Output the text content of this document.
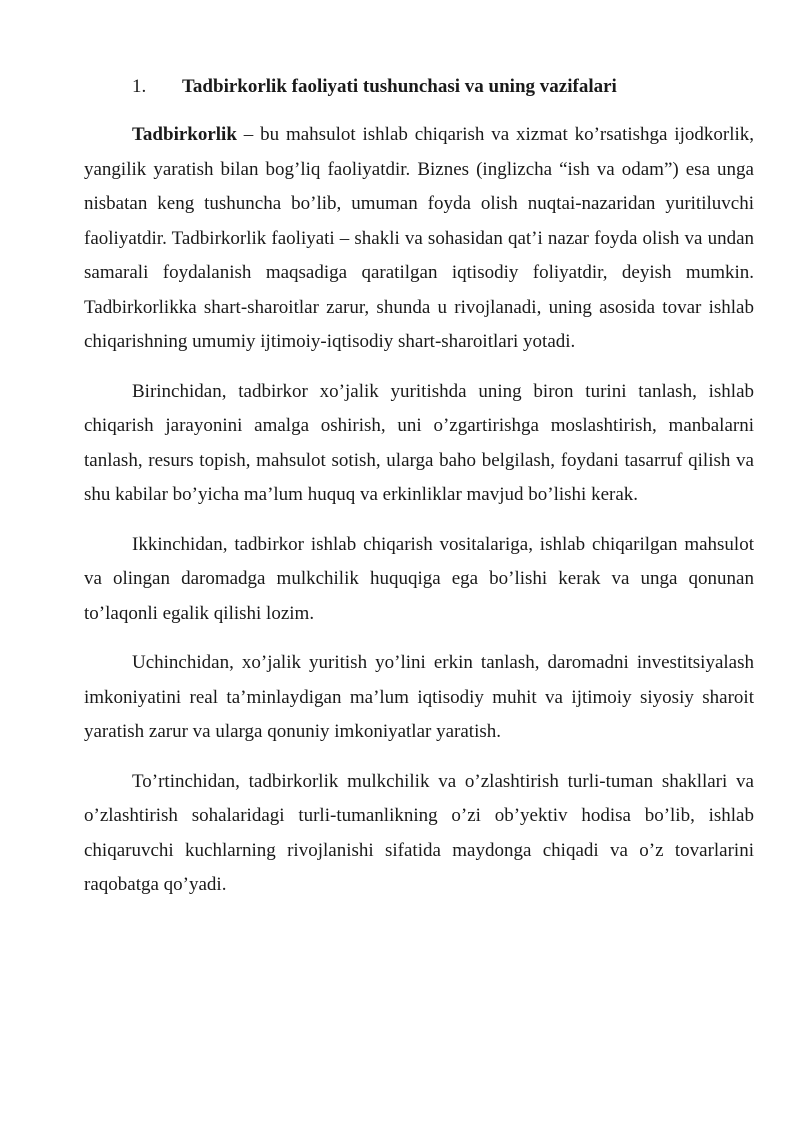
1. Tadbirkorlik faoliyati tushunchasi va uning vazifalari

Tadbirkorlik – bu mahsulot ishlab chiqarish va xizmat ko’rsatishga ijodkorlik, yangilik yaratish bilan bog’liq faoliyatdir. Biznes (inglizcha “ish va odam”) esa unga nisbatan keng tushuncha bo’lib, umuman foyda olish nuqtai-nazaridan yuritiluvchi faoliyatdir. Tadbirkorlik faoliyati – shakli va sohasidan qat’i nazar foyda olish va undan samarali foydalanish maqsadiga qaratilgan iqtisodiy foliyatdir, deyish mumkin. Tadbirkorlikka shart-sharoitlar zarur, shunda u rivojlanadi, uning asosida tovar ishlab chiqarishning umumiy ijtimoiy-iqtisodiy shart-sharoitlari yotadi.

Birinchidan, tadbirkor xo’jalik yuritishda uning biron turini tanlash, ishlab chiqarish jarayonini amalga oshirish, uni o’zgartirishga moslashtirish, manbalarni tanlash, resurs topish, mahsulot sotish, ularga baho belgilash, foydani tasarruf qilish va shu kabilar bo’yicha ma’lum huquq va erkinliklar mavjud bo’lishi kerak.

Ikkinchidan, tadbirkor ishlab chiqarish vositalariga, ishlab chiqarilgan mahsulot va olingan daromadga mulkchilik huquqiga ega bo’lishi kerak va unga qonunan to’laqonli egalik qilishi lozim.

Uchinchidan, xo’jalik yuritish yo’lini erkin tanlash, daromadni investitsiyalash imkoniyatini real ta’minlaydigan ma’lum iqtisodiy muhit va ijtimoiy siyosiy sharoit yaratish zarur va ularga qonuniy imkoniyatlar yaratish.

To’rtinchidan, tadbirkorlik mulkchilik va o’zlashtirish turli-tuman shakllari va o’zlashtirish sohalaridagi turli-tumanlikning o’zi ob’yektiv hodisa bo’lib, ishlab chiqaruvchi kuchlarning rivojlanishi sifatida maydonga chiqadi va o’z tovarlarini raqobatga qo’yadi.
